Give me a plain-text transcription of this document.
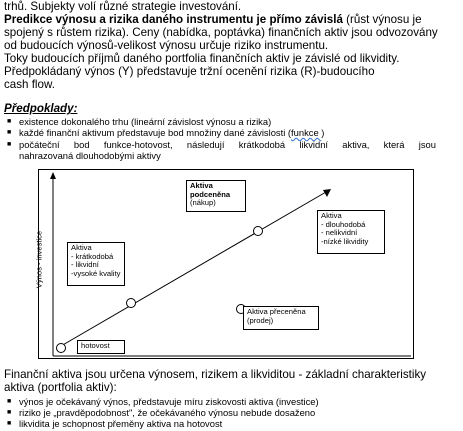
trhů. Subjekty volí různé strategie investování.
Predikce výnosu a rizika daného instrumentu je přímo závislá (růst výnosu je
spojený s růstem rizika). Ceny (nabídka, poptávka) finančních aktiv jsou odvozovány
od budoucích výnosů-velikost výnosu určuje riziko instrumentu.
Toky budoucích příjmů daného portfolia finančních aktiv je závislé od likvidity.
Předpokládaný výnos (Y) představuje tržní ocenění rizika (R)-budoucího
cash flow.
Předpoklady:
■ existence dokonalého trhu (lineární závislost výnosu a rizika)
■ každé finanční aktivum představuje bod množiny dané závislosti (funkce )
■ počáteční bod funkce-hotovost, následují krátkodobá likvidní aktiva, která jsou
nahrazovaná dlouhodobými aktivy
Výnos - investice
Aktiva
podceněna
(nákup)
Aktiva
- dlouhodobá
- nelikvidní
-nízké likvidity
Aktiva
- krátkodobá
- likvidní
-vysoké kvality
Aktiva přeceněna
(prodej)
hotovost
Finanční aktiva jsou určena výnosem, rizikem a likviditou - základní charakteristiky
aktiva (portfolia aktiv):
■ výnos je očekávaný výnos, představuje míru ziskovosti aktiva (investice)
■ riziko je „pravděpodobnost", že očekávaného výnosu nebude dosaženo
■ likvidita je schopnost přeměny aktiva na hotovost
